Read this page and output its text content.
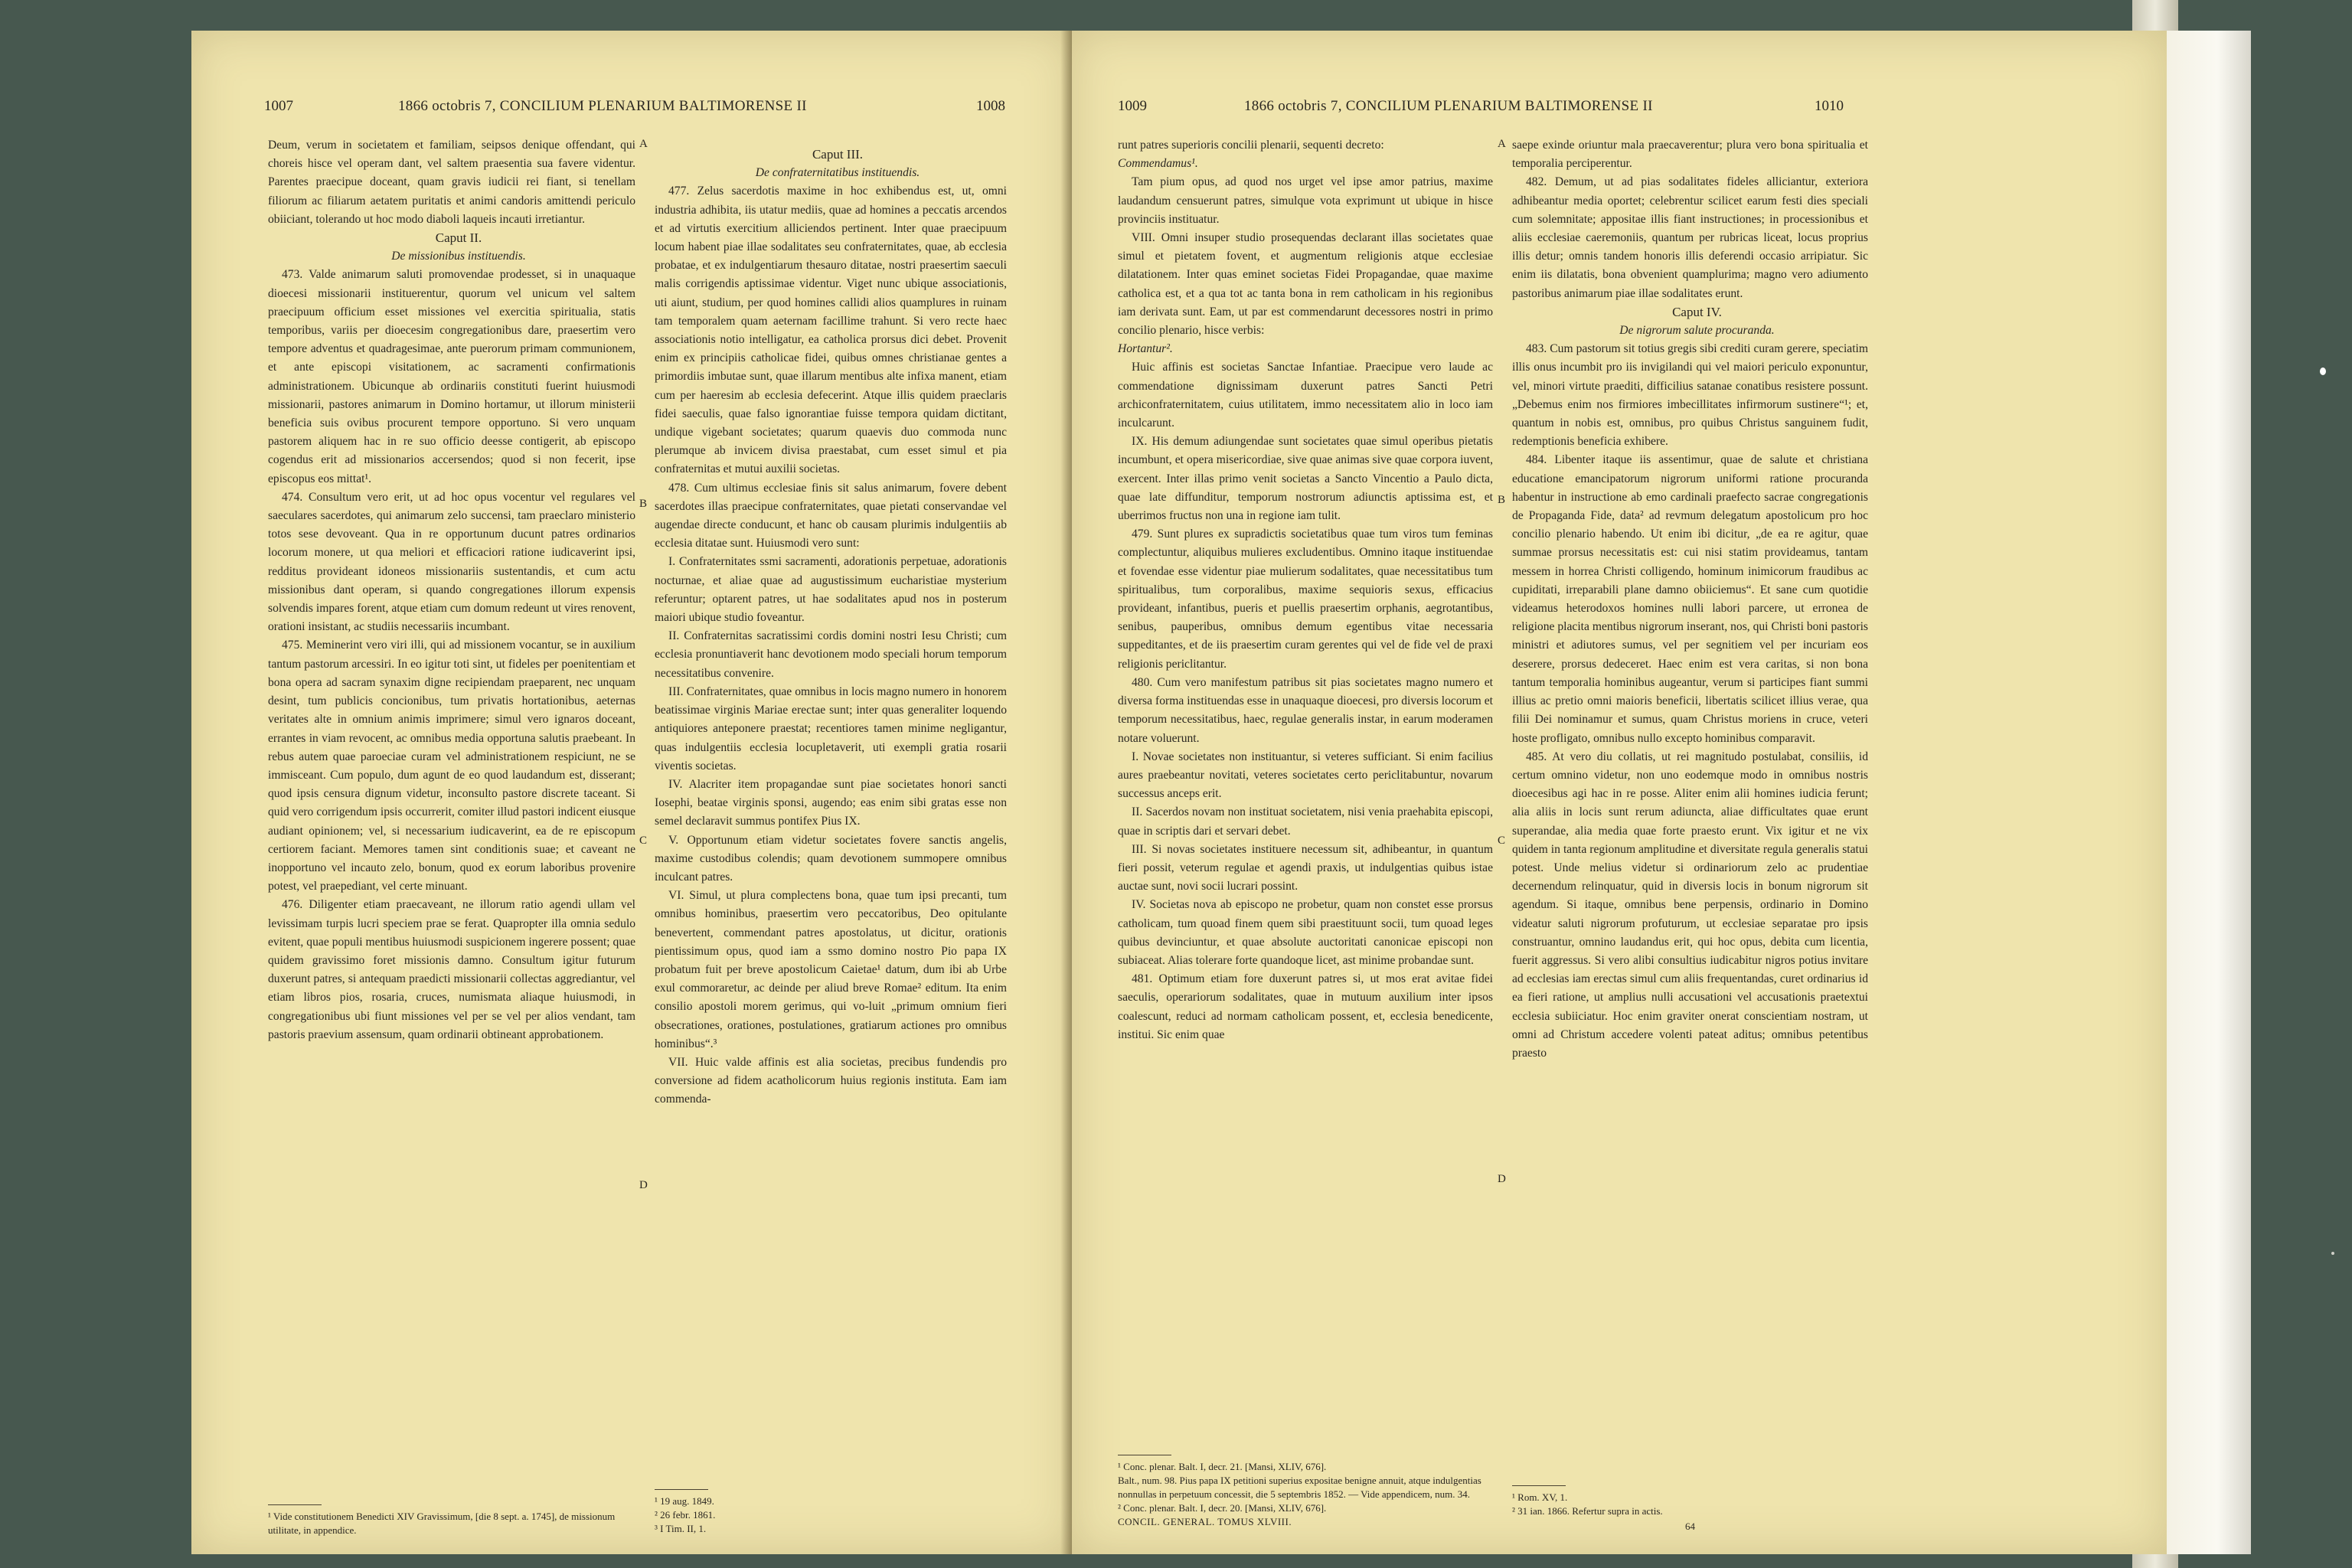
1007	1866 octobris 7, CONCILIUM PLENARIUM BALTIMORENSE II	1008

Deum, verum in societatem et familiam, seipsos denique offendant, qui choreis hisce vel operam dant, vel saltem praesentia sua favere videntur. Parentes praecipue doceant, quam gravis iudicii rei fiant, si tenellam filiorum ac filiarum aetatem puritatis et animi candoris amittendi periculo obiiciant, tolerando ut hoc modo diaboli laqueis incauti irretiantur.

Caput II.

De missionibus instituendis.

473. Valde animarum saluti promovendae prodesset, si in unaquaque dioecesi missionarii instituerentur, quorum vel unicum vel saltem praecipuum officium esset missiones vel exercitia spiritualia, statis temporibus, variis per dioecesim congregationibus dare, praesertim vero tempore adventus et quadragesimae, ante puerorum primam communionem, et ante episcopi visitationem, ac sacramenti confirmationis administrationem. Ubicunque ab ordinariis constituti fuerint huiusmodi missionarii, pastores animarum in Domino hortamur, ut illorum ministerii beneficia suis ovibus procurent tempore opportuno. Si vero unquam pastorem aliquem hac in re suo officio deesse contigerit, ab episcopo cogendus erit ad missionarios accersendos; quod si non fecerit, ipse episcopus eos mittat¹.

474. Consultum vero erit, ut ad hoc opus vocentur vel regulares vel saeculares sacerdotes, qui animarum zelo succensi, tam praeclaro ministerio totos sese devoveant. Qua in re opportunum ducunt patres ordinarios locorum monere, ut qua meliori et efficaciori ratione iudicaverint ipsi, redditus provideant idoneos missionariis sustentandis, et cum actu missionibus dant operam, si quando congregationes illorum expensis solvendis impares forent, atque etiam cum domum redeunt ut vires renovent, orationi insistant, ac studiis necessariis incumbant.

475. Meminerint vero viri illi, qui ad missionem vocantur, se in auxilium tantum pastorum arcessiri. In eo igitur toti sint, ut fideles per poenitentiam et bona opera ad sacram synaxim digne recipiendam praeparent, nec unquam desint, tum publicis concionibus, tum privatis hortationibus, aeternas veritates alte in omnium animis imprimere; simul vero ignaros doceant, errantes in viam revocent, ac omnibus media opportuna salutis praebeant. In rebus autem quae paroeciae curam vel administrationem respiciunt, ne se immisceant. Cum populo, dum agunt de eo quod laudandum est, disserant; quod ipsis censura dignum videtur, inconsulto pastore discrete taceant. Si quid vero corrigendum ipsis occurrerit, comiter illud pastori indicent eiusque audiant opinionem; vel, si necessarium iudicaverint, ea de re episcopum certiorem faciant. Memores tamen sint conditionis suae; et caveant ne inopportuno vel incauto zelo, bonum, quod ex eorum laboribus provenire potest, vel praepediant, vel certe minuant.

476. Diligenter etiam praecaveant, ne illorum ratio agendi ullam vel levissimam turpis lucri speciem prae se ferat. Quapropter illa omnia sedulo evitent, quae populi mentibus huiusmodi suspicionem ingerere possent; quae quidem gravissimo foret missionis damno. Consultum igitur futurum duxerunt patres, si antequam praedicti missionarii collectas aggrediantur, vel etiam libros pios, rosaria, cruces, numismata aliaque huiusmodi, in congregationibus ubi fiunt missiones vel per se vel per alios vendant, tam pastoris praevium assensum, quam ordinarii obtineant approbationem.

¹ Vide constitutionem Benedicti XIV Gravissimum, [die 8 sept. a. 1745], de missionum utilitate, in appendice.
A
B
C
D

Caput III.

De confraternitatibus instituendis.

477. Zelus sacerdotis maxime in hoc exhibendus est, ut, omni industria adhibita, iis utatur mediis, quae ad homines a peccatis arcendos et ad virtutis exercitium alliciendos pertinent. Inter quae praecipuum locum habent piae illae sodalitates seu confraternitates, quae, ab ecclesia probatae, et ex indulgentiarum thesauro ditatae, nostri praesertim saeculi malis corrigendis aptissimae videntur. Viget nunc ubique associationis, uti aiunt, studium, per quod homines callidi alios quamplures in ruinam tam temporalem quam aeternam facillime trahunt. Si vero recte haec associationis notio intelligatur, ea catholica prorsus dici debet. Provenit enim ex principiis catholicae fidei, quibus omnes christianae gentes a primordiis imbutae sunt, quae illarum mentibus alte infixa manent, etiam cum per haeresim ab ecclesia defecerint. Atque illis quidem praeclaris fidei saeculis, quae falso ignorantiae fuisse tempora quidam dictitant, undique vigebant societates; quarum quaevis duo commoda nunc plerumque ab invicem divisa praestabat, cum esset simul et pia confraternitas et mutui auxilii societas.

478. Cum ultimus ecclesiae finis sit salus animarum, fovere debent sacerdotes illas praecipue confraternitates, quae pietati conservandae vel augendae directe conducunt, et hanc ob causam plurimis indulgentiis ab ecclesia ditatae sunt. Huiusmodi vero sunt:

I. Confraternitates ssmi sacramenti, adorationis perpetuae, adorationis nocturnae, et aliae quae ad augustissimum eucharistiae mysterium referuntur; optarent patres, ut hae sodalitates apud nos in posterum maiori ubique studio foveantur.

II. Confraternitas sacratissimi cordis domini nostri Iesu Christi; cum ecclesia pronuntiaverit hanc devotionem modo speciali horum temporum necessitatibus convenire.

III. Confraternitates, quae omnibus in locis magno numero in honorem beatissimae virginis Mariae erectae sunt; inter quas generaliter loquendo antiquiores anteponere praestat; recentiores tamen minime negligantur, quas indulgentiis ecclesia locupletaverit, uti exempli gratia rosarii viventis societas.

IV. Alacriter item propagandae sunt piae societates honori sancti Iosephi, beatae virginis sponsi, augendo; eas enim sibi gratas esse non semel declaravit summus pontifex Pius IX.

V. Opportunum etiam videtur societates fovere sanctis angelis, maxime custodibus colendis; quam devotionem summopere omnibus inculcant patres.

VI. Simul, ut plura complectens bona, quae tum ipsi precanti, tum omnibus hominibus, praesertim vero peccatoribus, Deo opitulante benevertent, commendant patres apostolatus, ut dicitur, orationis pientissimum opus, quod iam a ssmo domino nostro Pio papa IX probatum fuit per breve apostolicum Caietae¹ datum, dum ibi ab Urbe exul commoraretur, ac deinde per aliud breve Romae² editum. Ita enim consilio apostoli morem gerimus, qui vo-luit „primum omnium fieri obsecrationes, orationes, postulationes, gratiarum actiones pro omnibus hominibus“.³

VII. Huic valde affinis est alia societas, precibus fundendis pro conversione ad fidem acatholicorum huius regionis instituta. Eam iam commenda-

¹ 19 aug. 1849.
² 26 febr. 1861.
³ I Tim. II, 1.
1009	1866 octobris 7, CONCILIUM PLENARIUM BALTIMORENSE II	1010

runt patres superioris concilii plenarii, sequenti decreto:

Commendamus¹.

Tam pium opus, ad quod nos urget vel ipse amor patrius, maxime laudandum censuerunt patres, simulque vota exprimunt ut ubique in hisce provinciis instituatur.

VIII. Omni insuper studio prosequendas declarant illas societates quae simul et pietatem fovent, et augmentum religionis atque ecclesiae dilatationem. Inter quas eminet societas Fidei Propagandae, quae maxime catholica est, et a qua tot ac tanta bona in rem catholicam in his regionibus iam derivata sunt. Eam, ut par est commendarunt decessores nostri in primo concilio plenario, hisce verbis:

Hortantur².

Huic affinis est societas Sanctae Infantiae. Praecipue vero laude ac commendatione dignissimam duxerunt patres Sancti Petri archiconfraternitatem, cuius utilitatem, immo necessitatem alio in loco iam inculcarunt.

IX. His demum adiungendae sunt societates quae simul operibus pietatis incumbunt, et opera misericordiae, sive quae animas sive quae corpora iuvent, exercent. Inter illas primo venit societas a Sancto Vincentio a Paulo dicta, quae late diffunditur, temporum nostrorum adiunctis aptissima est, et uberrimos fructus non una in regione iam tulit.

479. Sunt plures ex supradictis societatibus quae tum viros tum feminas complectuntur, aliquibus mulieres excludentibus. Omnino itaque instituendae et fovendae esse videntur piae mulierum sodalitates, quae necessitatibus tum spiritualibus, tum corporalibus, maxime sequioris sexus, efficacius provideant, infantibus, pueris et puellis praesertim orphanis, aegrotantibus, senibus, pauperibus, omnibus demum egentibus vitae necessaria suppeditantes, et de iis praesertim curam gerentes qui vel de fide vel de praxi religionis periclitantur.

480. Cum vero manifestum patribus sit pias societates magno numero et diversa forma instituendas esse in unaquaque dioecesi, pro diversis locorum et temporum necessitatibus, haec, regulae generalis instar, in earum moderamen notare voluerunt.

I. Novae societates non instituantur, si veteres sufficiant. Si enim facilius aures praebeantur novitati, veteres societates certo periclitabuntur, novarum successus anceps erit.

II. Sacerdos novam non instituat societatem, nisi venia praehabita episcopi, quae in scriptis dari et servari debet.

III. Si novas societates instituere necessum sit, adhibeantur, in quantum fieri possit, veterum regulae et agendi praxis, ut indulgentias quibus istae auctae sunt, novi socii lucrari possint.

IV. Societas nova ab episcopo ne probetur, quam non constet esse prorsus catholicam, tum quoad finem quem sibi praestituunt socii, tum quoad leges quibus devinciuntur, et quae absolute auctoritati canonicae episcopi non subiaceat. Alias tolerare forte quandoque licet, ast minime probandae sunt.

481. Optimum etiam fore duxerunt patres si, ut mos erat avitae fidei saeculis, operariorum sodalitates, quae in mutuum auxilium inter ipsos coalescunt, reduci ad normam catholicam possent, et, ecclesia benedicente, institui. Sic enim quae

¹ Conc. plenar. Balt. I, decr. 21. [Mansi, XLIV, 676].
Balt., num. 98. Pius papa IX petitioni superius expositae benigne annuit, atque indulgentias nonnullas in perpetuum concessit, die 5 septembris 1852. — Vide appendicem, num. 34.
² Conc. plenar. Balt. I, decr. 20. [Mansi, XLIV, 676].
CONCIL. GENERAL. TOMUS XLVIII.
A
B
C
D

saepe exinde oriuntur mala praecaverentur; plura vero bona spiritualia et temporalia perciperentur.

482. Demum, ut ad pias sodalitates fideles alliciantur, exteriora adhibeantur media oportet; celebrentur scilicet earum festi dies speciali cum solemnitate; appositae illis fiant instructiones; in processionibus et aliis ecclesiae caeremoniis, quantum per rubricas liceat, locus proprius illis detur; omnis tandem honoris illis deferendi occasio arripiatur. Sic enim iis dilatatis, bona obvenient quamplurima; magno vero adiumento pastoribus animarum piae illae sodalitates erunt.

Caput IV.

De nigrorum salute procuranda.

483. Cum pastorum sit totius gregis sibi crediti curam gerere, speciatim illis onus incumbit pro iis invigilandi qui vel maiori periculo exponuntur, vel, minori virtute praediti, difficilius satanae conatibus resistere possunt. „Debemus enim nos firmiores imbecillitates infirmorum sustinere“¹; et, quantum in nobis est, omnibus, pro quibus Christus sanguinem fudit, redemptionis beneficia exhibere.

484. Libenter itaque iis assentimur, quae de salute et christiana educatione emancipatorum nigrorum uniformi ratione procuranda habentur in instructione ab emo cardinali praefecto sacrae congregationis de Propaganda Fide, data² ad revmum delegatum apostolicum pro hoc concilio plenario habendo. Ut enim ibi dicitur, „de ea re agitur, quae summae prorsus necessitatis est: cui nisi statim provideamus, tantam messem in horrea Christi colligendo, hominum inimicorum fraudibus ac cupiditati, irreparabili plane damno obiiciemus“. Et sane cum quotidie videamus heterodoxos homines nulli labori parcere, ut erronea de religione placita mentibus nigrorum inserant, nos, qui Christi boni pastoris ministri et adiutores sumus, vel per segnitiem vel per incuriam eos deserere, prorsus dedeceret. Haec enim est vera caritas, si non bona tantum temporalia hominibus augeantur, verum si participes fiant summi illius ac pretio omni maioris beneficii, libertatis scilicet illius verae, qua filii Dei nominamur et sumus, quam Christus moriens in cruce, veteri hoste profligato, omnibus nullo excepto hominibus comparavit.

485. At vero diu collatis, ut rei magnitudo postulabat, consiliis, id certum omnino videtur, non uno eodemque modo in omnibus nostris dioecesibus agi hac in re posse. Aliter enim alii homines iudicia ferunt; alia aliis in locis sunt rerum adiuncta, aliae difficultates quae erunt superandae, alia media quae forte praesto erunt. Vix igitur et ne vix quidem in tanta regionum amplitudine et diversitate regula generalis statui potest. Unde melius videtur si ordinariorum zelo ac prudentiae decernendum relinquatur, quid in diversis locis in bonum nigrorum sit agendum. Si itaque, omnibus bene perpensis, ordinario in Domino videatur saluti nigrorum profuturum, ut ecclesiae separatae pro ipsis construantur, omnino laudandus erit, qui hoc opus, debita cum licentia, fuerit aggressus. Si vero alibi consultius iudicabitur nigros potius invitare ad ecclesias iam erectas simul cum aliis frequentandas, curet ordinarius id ea fieri ratione, ut amplius nulli accusationi vel accusationis praetextui ecclesia subiiciatur. Hoc enim graviter onerat conscientiam nostram, ut omni ad Christum accedere volenti pateat aditus; omnibus petentibus praesto

¹ Rom. XV, 1.
² 31 ian. 1866. Refertur supra in actis.
64
